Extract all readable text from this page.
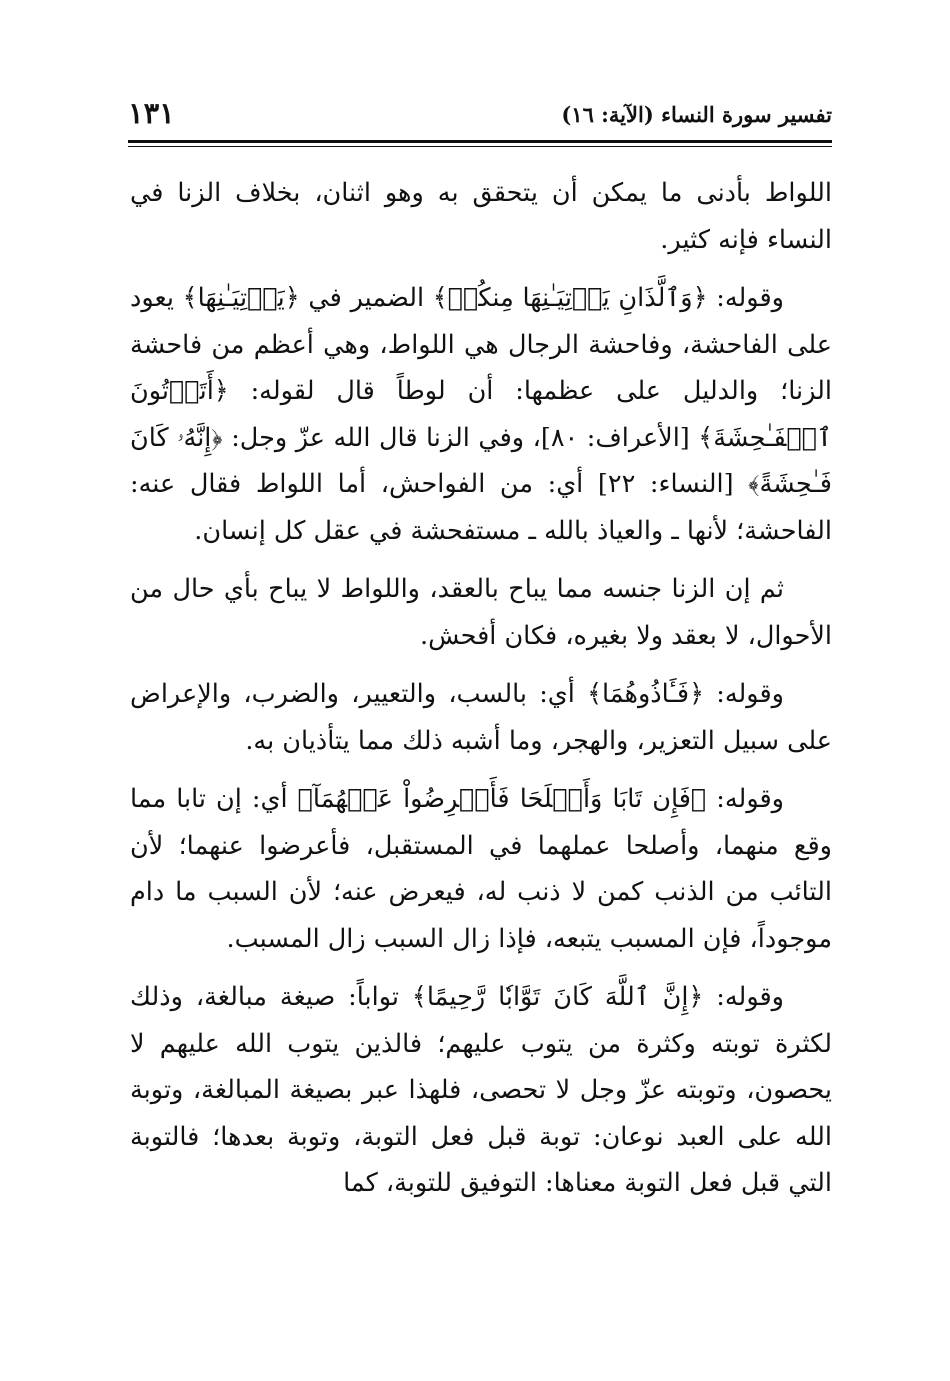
تفسير سورة النساء (الآية: ١٦)
١٣١

اللواط بأدنى ما يمكن أن يتحقق به وهو اثنان، بخلاف الزنا في النساء فإنه كثير.

وقوله: ﴿وَٱلَّذَانِ يَأۡتِيَـٰنِهَا مِنكُمۡ﴾ الضمير في ﴿يَأۡتِيَـٰنِهَا﴾ يعود على الفاحشة، وفاحشة الرجال هي اللواط، وهي أعظم من فاحشة الزنا؛ والدليل على عظمها: أن لوطاً قال لقوله: ﴿أَتَأۡتُونَ ٱلۡفَـٰحِشَةَ﴾ [الأعراف: ٨٠]، وفي الزنا قال الله عزّ وجل: ﴿إِنَّهُۥ كَانَ فَـٰحِشَةً﴾ [النساء: ٢٢] أي: من الفواحش، أما اللواط فقال عنه: الفاحشة؛ لأنها ـ والعياذ بالله ـ مستفحشة في عقل كل إنسان.

ثم إن الزنا جنسه مما يباح بالعقد، واللواط لا يباح بأي حال من الأحوال، لا بعقد ولا بغيره، فكان أفحش.

وقوله: ﴿فَـَٔاذُوهُمَا﴾ أي: بالسب، والتعيير، والضرب، والإعراض على سبيل التعزير، والهجر، وما أشبه ذلك مما يتأذيان به.

وقوله: ﴿فَإِن تَابَا وَأَصۡلَحَا فَأَعۡرِضُواْ عَنۡهُمَآ﴾ أي: إن تابا مما وقع منهما، وأصلحا عملهما في المستقبل، فأعرضوا عنهما؛ لأن التائب من الذنب كمن لا ذنب له، فيعرض عنه؛ لأن السبب ما دام موجوداً، فإن المسبب يتبعه، فإذا زال السبب زال المسبب.

وقوله: ﴿إِنَّ ٱللَّهَ كَانَ تَوَّابٗا رَّحِيمًا﴾ تواباً: صيغة مبالغة، وذلك لكثرة توبته وكثرة من يتوب عليهم؛ فالذين يتوب الله عليهم لا يحصون، وتوبته عزّ وجل لا تحصى، فلهذا عبر بصيغة المبالغة، وتوبة الله على العبد نوعان: توبة قبل فعل التوبة، وتوبة بعدها؛ فالتوبة التي قبل فعل التوبة معناها: التوفيق للتوبة، كما
